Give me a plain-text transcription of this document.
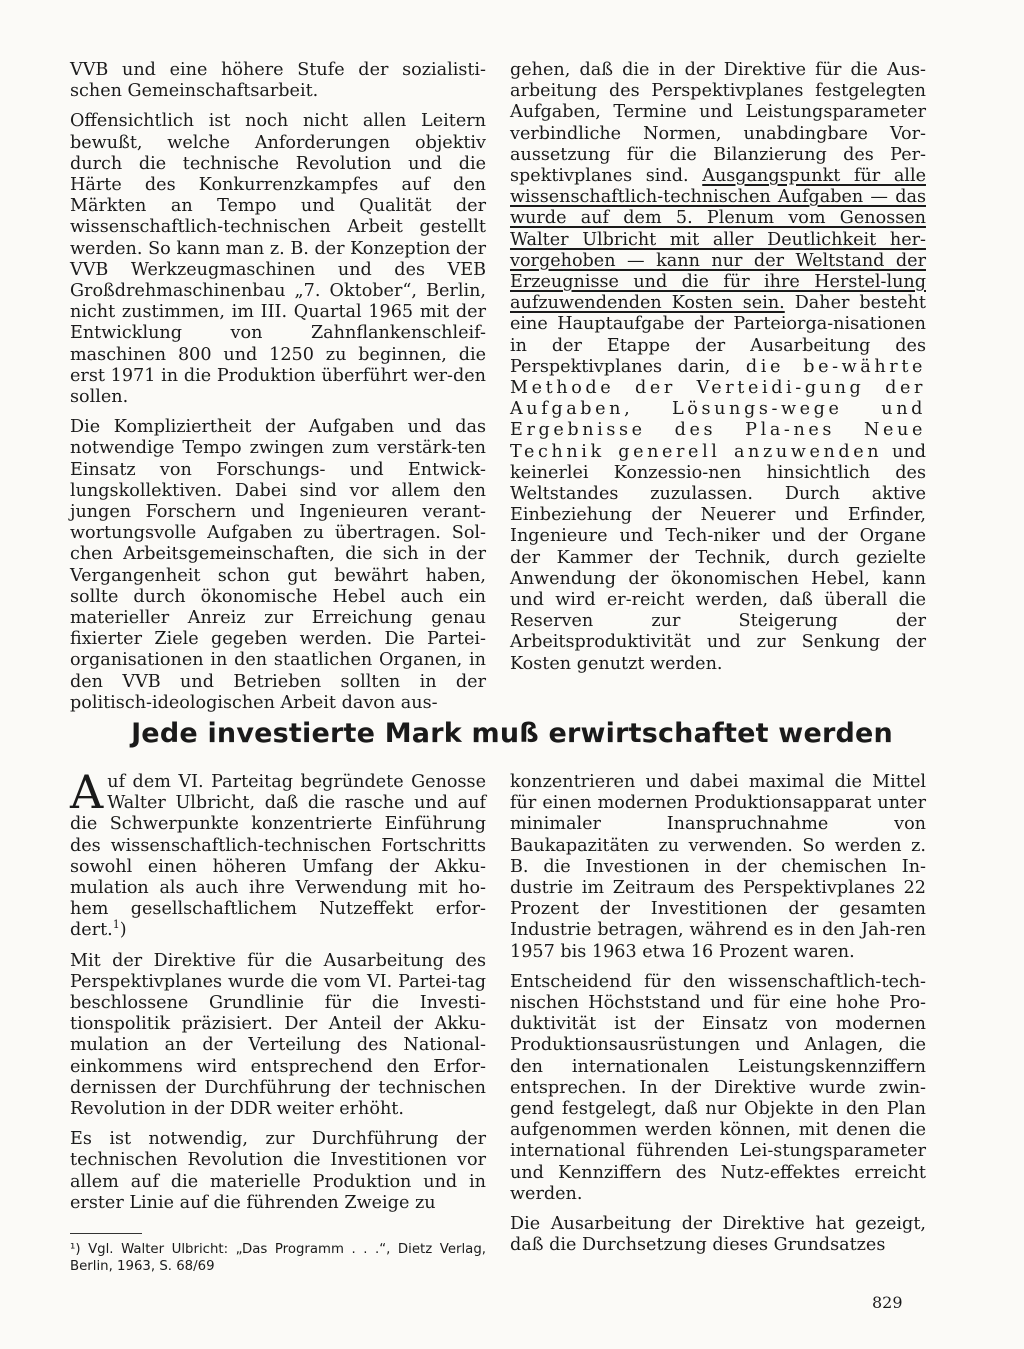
VVB und eine höhere Stufe der sozialisti-schen Gemeinschaftsarbeit.

Offensichtlich ist noch nicht allen Leitern bewußt, welche Anforderungen objektiv durch die technische Revolution und die Härte des Konkurrenzkampfes auf den Märkten an Tempo und Qualität der wissenschaftlich-technischen Arbeit gestellt werden. So kann man z. B. der Konzeption der VVB Werkzeugmaschinen und des VEB Großdrehmaschinenbau „7. Oktober“, Berlin, nicht zustimmen, im III. Quartal 1965 mit der Entwicklung von Zahnflankenschleif-maschinen 800 und 1250 zu beginnen, die erst 1971 in die Produktion überführt wer-den sollen.

Die Kompliziertheit der Aufgaben und das notwendige Tempo zwingen zum verstärk-ten Einsatz von Forschungs- und Entwick-lungskollektiven. Dabei sind vor allem den jungen Forschern und Ingenieuren verant-wortungsvolle Aufgaben zu übertragen. Sol-chen Arbeitsgemeinschaften, die sich in der Vergangenheit schon gut bewährt haben, sollte durch ökonomische Hebel auch ein materieller Anreiz zur Erreichung genau fixierter Ziele gegeben werden. Die Partei-organisationen in den staatlichen Organen, in den VVB und Betrieben sollten in der politisch-ideologischen Arbeit davon aus-

gehen, daß die in der Direktive für die Aus-arbeitung des Perspektivplanes festgelegten Aufgaben, Termine und Leistungsparameter verbindliche Normen, unabdingbare Vor-aussetzung für die Bilanzierung des Per-spektivplanes sind. Ausgangspunkt für alle wissenschaftlich-technischen Aufgaben — das wurde auf dem 5. Plenum vom Genossen Walter Ulbricht mit aller Deutlichkeit her-vorgehoben — kann nur der Weltstand der Erzeugnisse und die für ihre Herstel-lung aufzuwendenden Kosten sein. Daher besteht eine Hauptaufgabe der Parteiorga-nisationen in der Etappe der Ausarbeitung des Perspektivplanes darin, die be-währte Methode der Verteidi-gung der Aufgaben, Lösungs-wege und Ergebnisse des Pla-nes Neue Technik generell anzuwenden und keinerlei Konzessio-nen hinsichtlich des Weltstandes zuzulassen. Durch aktive Einbeziehung der Neuerer und Erfinder, Ingenieure und Tech-niker und der Organe der Kammer der Technik, durch gezielte Anwendung der ökonomischen Hebel, kann und wird er-reicht werden, daß überall die Reserven zur Steigerung der Arbeitsproduktivität und zur Senkung der Kosten genutzt werden.

Jede investierte Mark muß erwirtschaftet werden

Auf dem VI. Parteitag begründete Genosse Walter Ulbricht, daß die rasche und auf die Schwerpunkte konzentrierte Einführung des wissenschaftlich-technischen Fortschritts sowohl einen höheren Umfang der Akku-mulation als auch ihre Verwendung mit ho-hem gesellschaftlichem Nutzeffekt erfor-dert.$^1$)

Mit der Direktive für die Ausarbeitung des Perspektivplanes wurde die vom VI. Partei-tag beschlossene Grundlinie für die Investi-tionspolitik präzisiert. Der Anteil der Akku-mulation an der Verteilung des National-einkommens wird entsprechend den Erfor-dernissen der Durchführung der technischen Revolution in der DDR weiter erhöht.

Es ist notwendig, zur Durchführung der technischen Revolution die Investitionen vor allem auf die materielle Produktion und in erster Linie auf die führenden Zweige zu

konzentrieren und dabei maximal die Mittel für einen modernen Produktionsapparat unter minimaler Inanspruchnahme von Baukapazitäten zu verwenden. So werden z. B. die Investionen in der chemischen In-dustrie im Zeitraum des Perspektivplanes 22 Prozent der Investitionen der gesamten Industrie betragen, während es in den Jah-ren 1957 bis 1963 etwa 16 Prozent waren.

Entscheidend für den wissenschaftlich-tech-nischen Höchststand und für eine hohe Pro-duktivität ist der Einsatz von modernen Produktionsausrüstungen und Anlagen, die den internationalen Leistungskennziffern entsprechen. In der Direktive wurde zwin-gend festgelegt, daß nur Objekte in den Plan aufgenommen werden können, mit denen die international führenden Lei-stungsparameter und Kennziffern des Nutz-effektes erreicht werden.

Die Ausarbeitung der Direktive hat gezeigt, daß die Durchsetzung dieses Grundsatzes

¹) Vgl. Walter Ulbricht: „Das Programm . . .“, Dietz Verlag, Berlin, 1963, S. 68/69
829
